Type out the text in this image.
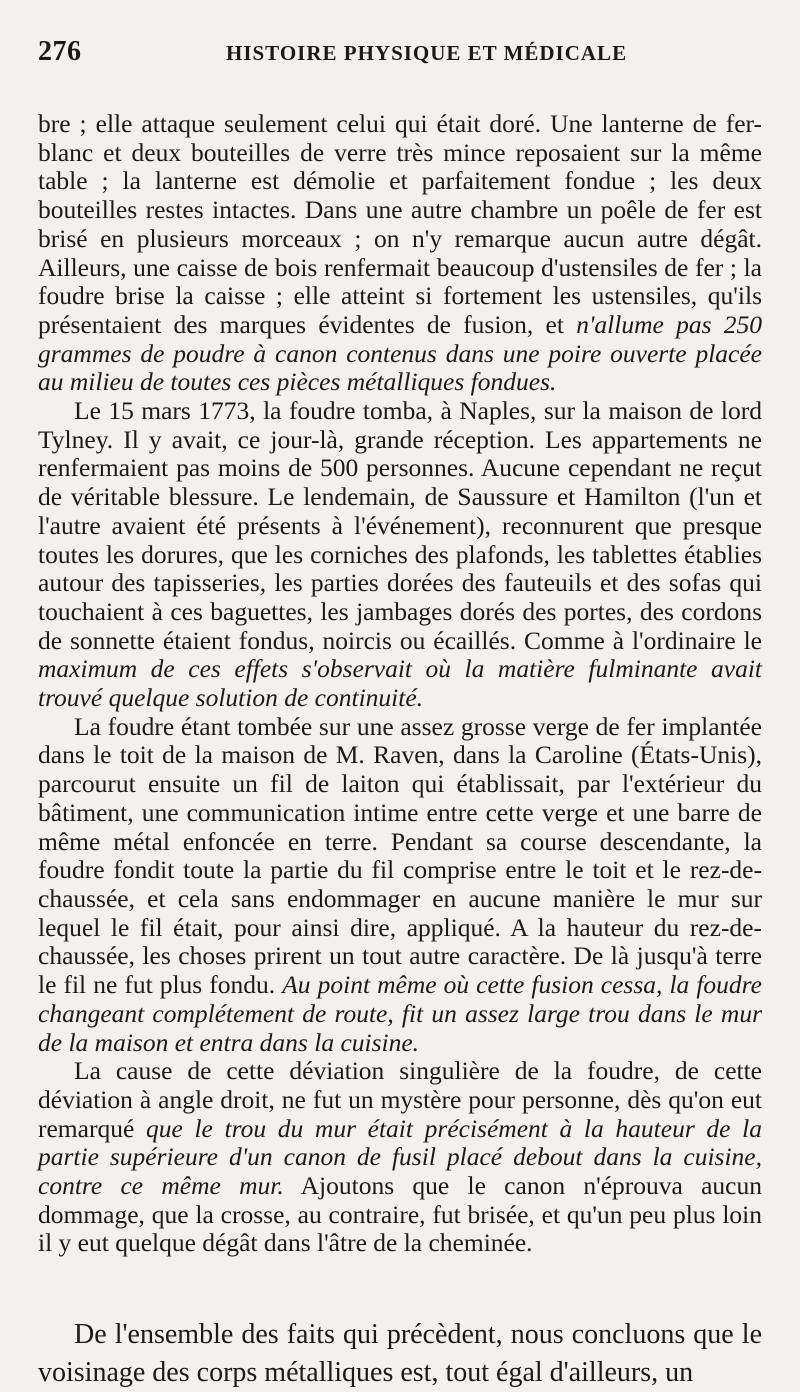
276	HISTOIRE PHYSIQUE ET MÉDICALE

bre ; elle attaque seulement celui qui était doré. Une lanterne de fer-blanc et deux bouteilles de verre très mince reposaient sur la même table ; la lanterne est démolie et parfaitement fondue ; les deux bouteilles restes intactes. Dans une autre chambre un poêle de fer est brisé en plusieurs morceaux ; on n'y remarque aucun autre dégât. Ailleurs, une caisse de bois renfermait beaucoup d'ustensiles de fer ; la foudre brise la caisse ; elle atteint si fortement les ustensiles, qu'ils présentaient des marques évidentes de fusion, et n'allume pas 250 grammes de poudre à canon contenus dans une poire ouverte placée au milieu de toutes ces pièces métalliques fondues.

Le 15 mars 1773, la foudre tomba, à Naples, sur la maison de lord Tylney. Il y avait, ce jour-là, grande réception. Les appartements ne renfermaient pas moins de 500 personnes. Aucune cependant ne reçut de véritable blessure. Le lendemain, de Saussure et Hamilton (l'un et l'autre avaient été présents à l'événement), reconnurent que presque toutes les dorures, que les corniches des plafonds, les tablettes établies autour des tapisseries, les parties dorées des fauteuils et des sofas qui touchaient à ces baguettes, les jambages dorés des portes, des cordons de sonnette étaient fondus, noircis ou écaillés. Comme à l'ordinaire le maximum de ces effets s'observait où la matière fulminante avait trouvé quelque solution de continuité.

La foudre étant tombée sur une assez grosse verge de fer implantée dans le toit de la maison de M. Raven, dans la Caroline (États-Unis), parcourut ensuite un fil de laiton qui établissait, par l'extérieur du bâtiment, une communication intime entre cette verge et une barre de même métal enfoncée en terre. Pendant sa course descendante, la foudre fondit toute la partie du fil comprise entre le toit et le rez-de-chaussée, et cela sans endommager en aucune manière le mur sur lequel le fil était, pour ainsi dire, appliqué. A la hauteur du rez-de-chaussée, les choses prirent un tout autre caractère. De là jusqu'à terre le fil ne fut plus fondu. Au point même où cette fusion cessa, la foudre changeant complétement de route, fit un assez large trou dans le mur de la maison et entra dans la cuisine.

La cause de cette déviation singulière de la foudre, de cette déviation à angle droit, ne fut un mystère pour personne, dès qu'on eut remarqué que le trou du mur était précisément à la hauteur de la partie supérieure d'un canon de fusil placé debout dans la cuisine, contre ce même mur. Ajoutons que le canon n'éprouva aucun dommage, que la crosse, au contraire, fut brisée, et qu'un peu plus loin il y eut quelque dégât dans l'âtre de la cheminée.

De l'ensemble des faits qui précèdent, nous concluons que le voisinage des corps métalliques est, tout égal d'ailleurs, un
